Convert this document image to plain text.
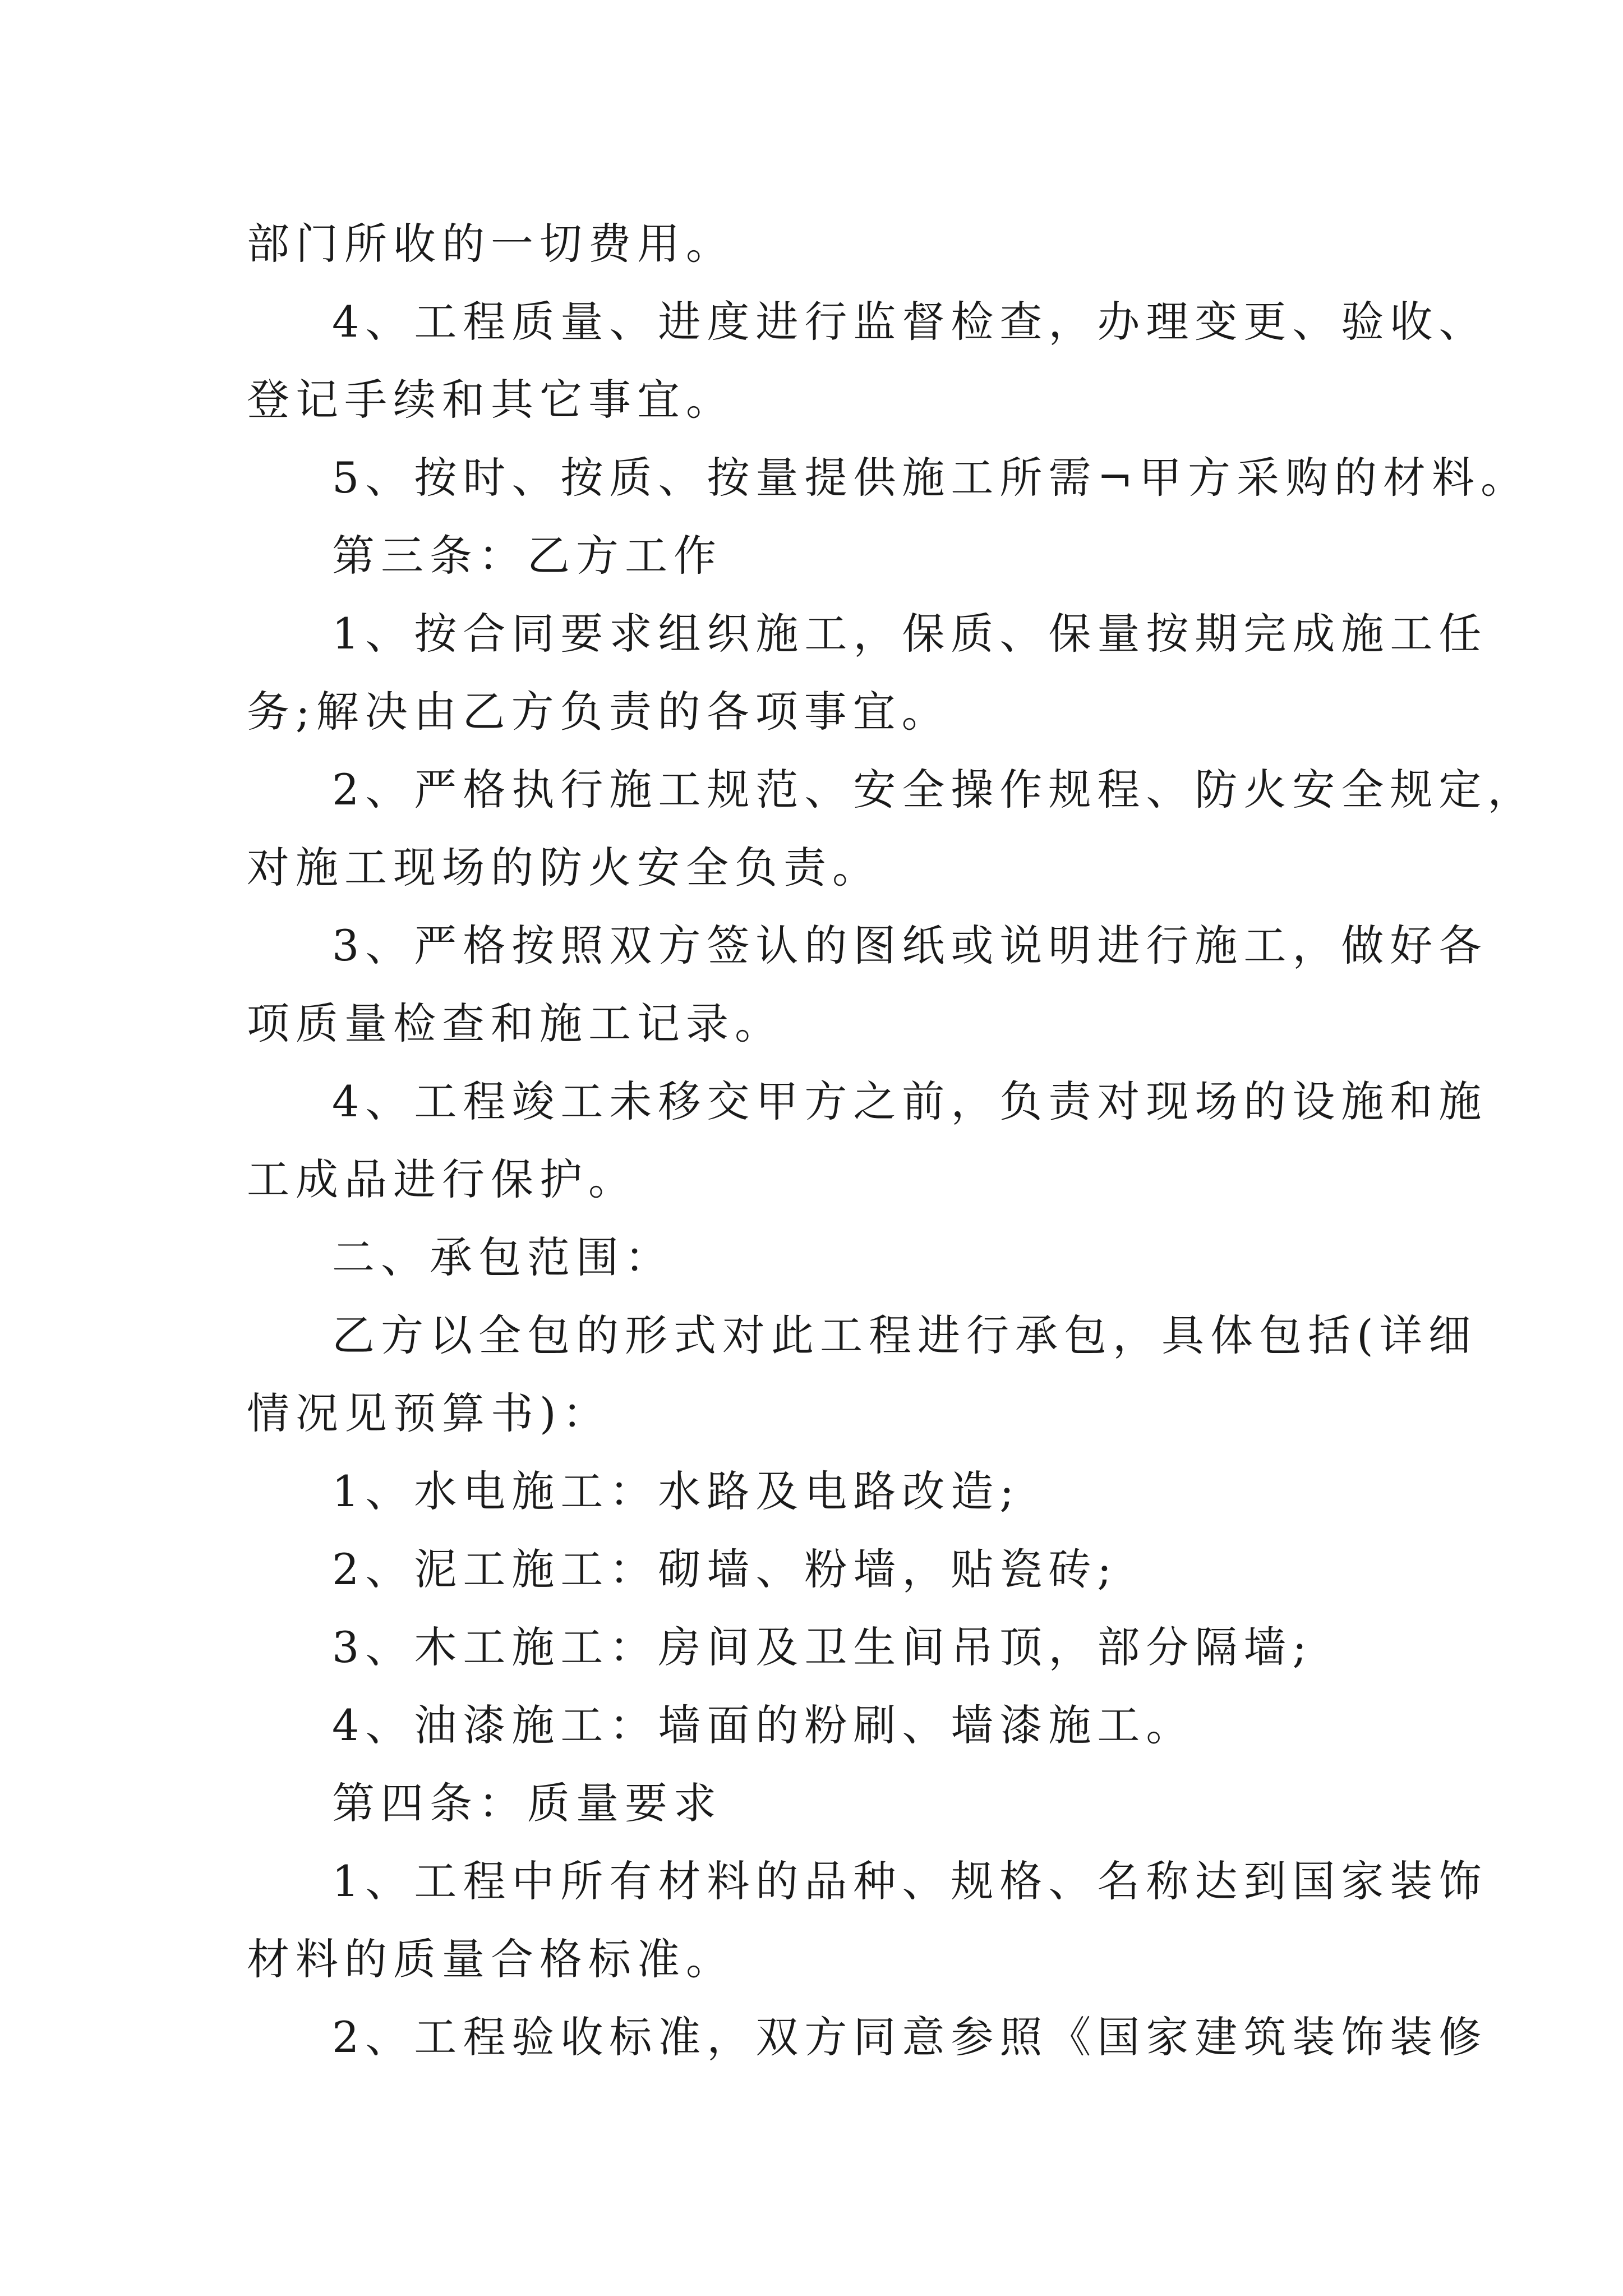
部门所收的一切费用。
4、工程质量、进度进行监督检查，办理变更、验收、
登记手续和其它事宜。
5、按时、按质、按量提供施工所需¬甲方采购的材料。
第三条：乙方工作
1、按合同要求组织施工，保质、保量按期完成施工任
务;解决由乙方负责的各项事宜。
2、严格执行施工规范、安全操作规程、防火安全规定，
对施工现场的防火安全负责。
3、严格按照双方签认的图纸或说明进行施工，做好各
项质量检查和施工记录。
4、工程竣工未移交甲方之前，负责对现场的设施和施
工成品进行保护。
二、承包范围：
乙方以全包的形式对此工程进行承包，具体包括(详细
情况见预算书)：
1、水电施工：水路及电路改造;
2、泥工施工：砌墙、粉墙，贴瓷砖;
3、木工施工：房间及卫生间吊顶，部分隔墙;
4、油漆施工：墙面的粉刷、墙漆施工。
第四条：质量要求
1、工程中所有材料的品种、规格、名称达到国家装饰
材料的质量合格标准。
2、工程验收标准，双方同意参照《国家建筑装饰装修
